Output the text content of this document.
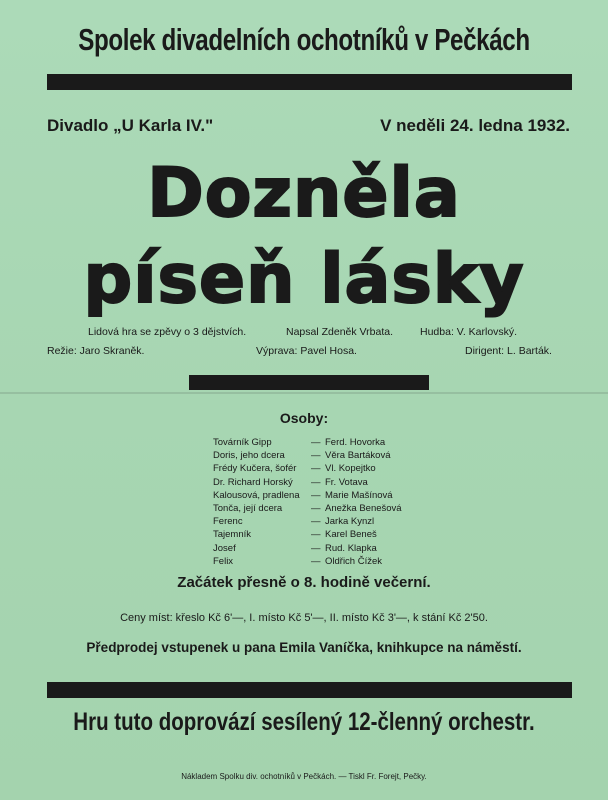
Spolek divadelních ochotníků v Pečkách
Divadlo „U Karla IV."	V neděli 24. ledna 1932.
Dozněla
píseň lásky
Lidová hra se zpěvy o 3 dějstvích.	Napsal Zdeněk Vrbata.	Hudba: V. Karlovský.
Režie: Jaro Skraněk.	Výprava: Pavel Hosa.	Dirigent: L. Barták.
Osoby:
Továrník Gipp	— Ferd. Hovorka
Doris, jeho dcera	— Věra Bartáková
Frédy Kučera, šofér	— Vl. Kopejtko
Dr. Richard Horský	— Fr. Votava
Kalousová, pradlena	— Marie Mašínová
Tonča, její dcera	— Anežka Benešová
Ferenc	— Jarka Kynzl
Tajemník	— Karel Beneš
Josef	— Rud. Klapka
Felix	— Oldřich Čížek
Začátek přesně o 8. hodině večerní.
Ceny míst: křeslo Kč 6'—, I. místo Kč 5'—, II. místo Kč 3'—, k stání Kč 2'50.
Předprodej vstupenek u pana Emila Vaníčka, knihkupce na náměstí.
Hru tuto doprovází sesílený 12-členný orchestr.
Nákladem Spolku div. ochotníků v Pečkách. — Tiskl Fr. Forejt, Pečky.
